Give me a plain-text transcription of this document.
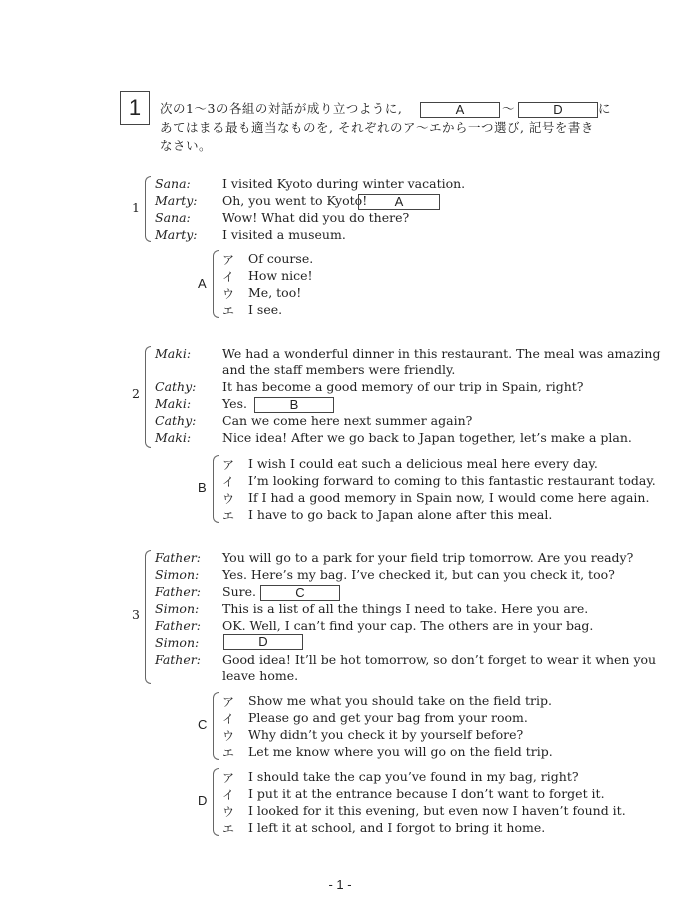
1	次の1〜3の各組の対話が成り立つように,	A	〜	D	に
あてはまる最も適当なものを, それぞれのア〜エから一つ選び, 記号を書き
なさい。
1
Sana:	I visited Kyoto during winter vacation.
Marty: Oh, you went to Kyoto!	A
Sana:	Wow! What did you do there?
Marty: I visited a museum.
A
ア Of course.
イ How nice!
ウ Me, too!
エ I see.
2
Maki: We had a wonderful dinner in this restaurant. The meal was amazing
and the staff members were friendly.
Cathy: It has become a good memory of our trip in Spain, right?
Maki: Yes.	B
Cathy: Can we come here next summer again?
Maki: Nice idea! After we go back to Japan together, let’s make a plan.
B
ア I wish I could eat such a delicious meal here every day.
イ I’m looking forward to coming to this fantastic restaurant today.
ウ If I had a good memory in Spain now, I would come here again.
エ I have to go back to Japan alone after this meal.
3
Father: You will go to a park for your field trip tomorrow. Are you ready?
Simon: Yes. Here’s my bag. I’ve checked it, but can you check it, too?
Father: Sure.	C
Simon: This is a list of all the things I need to take. Here you are.
Father: OK. Well, I can’t find your cap. The others are in your bag.
Simon:	D
Father: Good idea! It’ll be hot tomorrow, so don’t forget to wear it when you
leave home.
C
ア Show me what you should take on the field trip.
イ Please go and get your bag from your room.
ウ Why didn’t you check it by yourself before?
エ Let me know where you will go on the field trip.
D
ア I should take the cap you’ve found in my bag, right?
イ I put it at the entrance because I don’t want to forget it.
ウ I looked for it this evening, but even now I haven’t found it.
エ I left it at school, and I forgot to bring it home.
- 1 -
